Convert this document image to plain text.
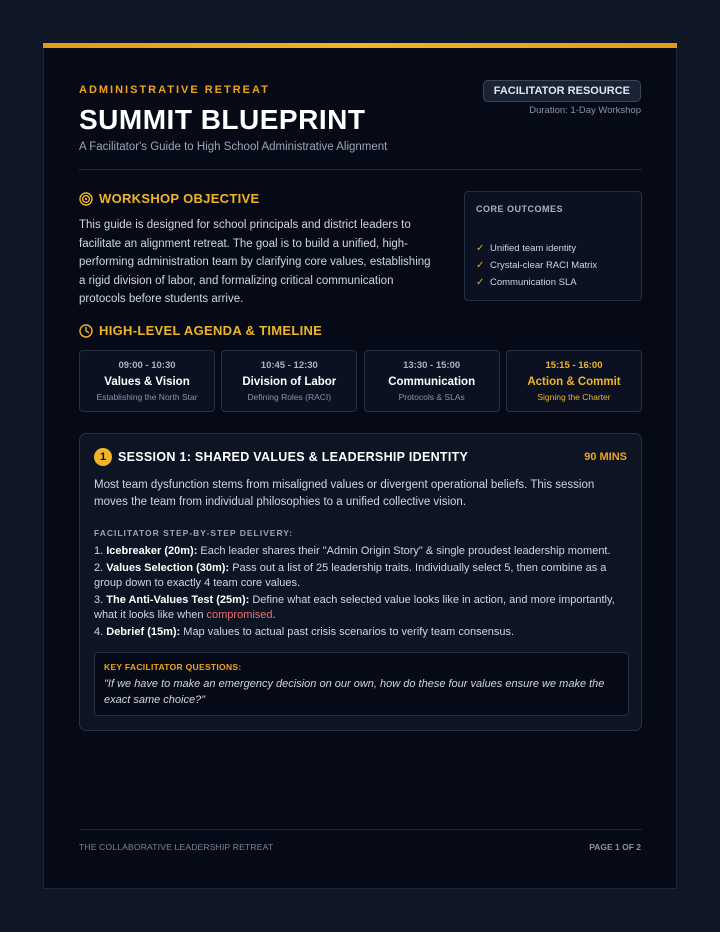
ADMINISTRATIVE RETREAT
SUMMIT BLUEPRINT
A Facilitator's Guide to High School Administrative Alignment
FACILITATOR RESOURCE
Duration: 1-Day Workshop
WORKSHOP OBJECTIVE
This guide is designed for school principals and district leaders to facilitate an alignment retreat. The goal is to build a unified, high-performing administration team by clarifying core values, establishing a rigid division of labor, and formalizing critical communication protocols before students arrive.
CORE OUTCOMES
✓ Unified team identity
✓ Crystal-clear RACI Matrix
✓ Communication SLA
HIGH-LEVEL AGENDA & TIMELINE
09:00 - 10:30
Values & Vision
Establishing the North Star
10:45 - 12:30
Division of Labor
Defining Roles (RACI)
13:30 - 15:00
Communication
Protocols & SLAs
15:15 - 16:00
Action & Commit
Signing the Charter
1 SESSION 1: SHARED VALUES & LEADERSHIP IDENTITY	90 MINS
Most team dysfunction stems from misaligned values or divergent operational beliefs. This session moves the team from individual philosophies to a unified collective vision.
FACILITATOR STEP-BY-STEP DELIVERY:
1. Icebreaker (20m): Each leader shares their "Admin Origin Story" & single proudest leadership moment.
2. Values Selection (30m): Pass out a list of 25 leadership traits. Individually select 5, then combine as a group down to exactly 4 team core values.
3. The Anti-Values Test (25m): Define what each selected value looks like in action, and more importantly, what it looks like when compromised.
4. Debrief (15m): Map values to actual past crisis scenarios to verify team consensus.
KEY FACILITATOR QUESTIONS:
"If we have to make an emergency decision on our own, how do these four values ensure we make the exact same choice?"
THE COLLABORATIVE LEADERSHIP RETREAT	PAGE 1 OF 2
